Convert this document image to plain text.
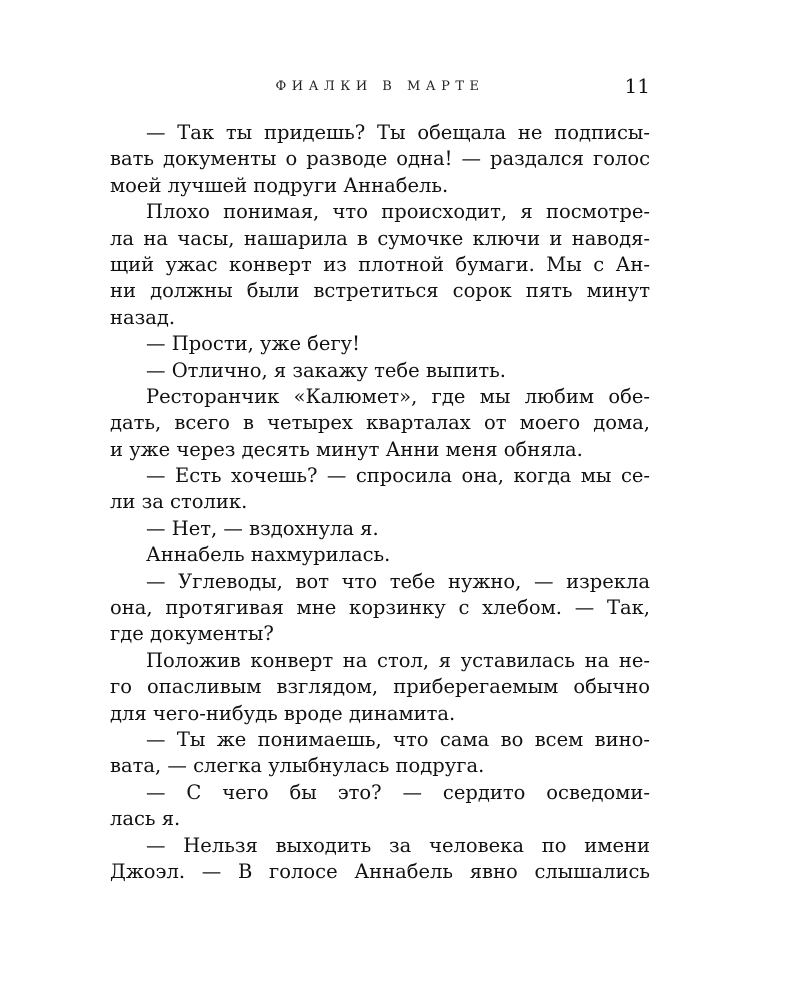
ФИАЛКИ В МАРТЕ	11
— Так ты придешь? Ты обещала не подписы-
вать документы о разводе одна! — раздался голос
моей лучшей подруги Аннабель.
Плохо понимая, что происходит, я посмотре-
ла на часы, нашарила в сумочке ключи и наводя-
щий ужас конверт из плотной бумаги. Мы с Ан-
ни должны были встретиться сорок пять минут
назад.
— Прости, уже бегу!
— Отлично, я закажу тебе выпить.
Ресторанчик «Калюмет», где мы любим обе-
дать, всего в четырех кварталах от моего дома,
и уже через десять минут Анни меня обняла.
— Есть хочешь? — спросила она, когда мы се-
ли за столик.
— Нет, — вздохнула я.
Аннабель нахмурилась.
— Углеводы, вот что тебе нужно, — изрекла
она, протягивая мне корзинку с хлебом. — Так,
где документы?
Положив конверт на стол, я уставилась на не-
го опасливым взглядом, приберегаемым обычно
для чего-нибудь вроде динамита.
— Ты же понимаешь, что сама во всем вино-
вата, — слегка улыбнулась подруга.
— С чего бы это? — сердито осведоми-
лась я.
— Нельзя выходить за человека по имени
Джоэл. — В голосе Аннабель явно слышались
